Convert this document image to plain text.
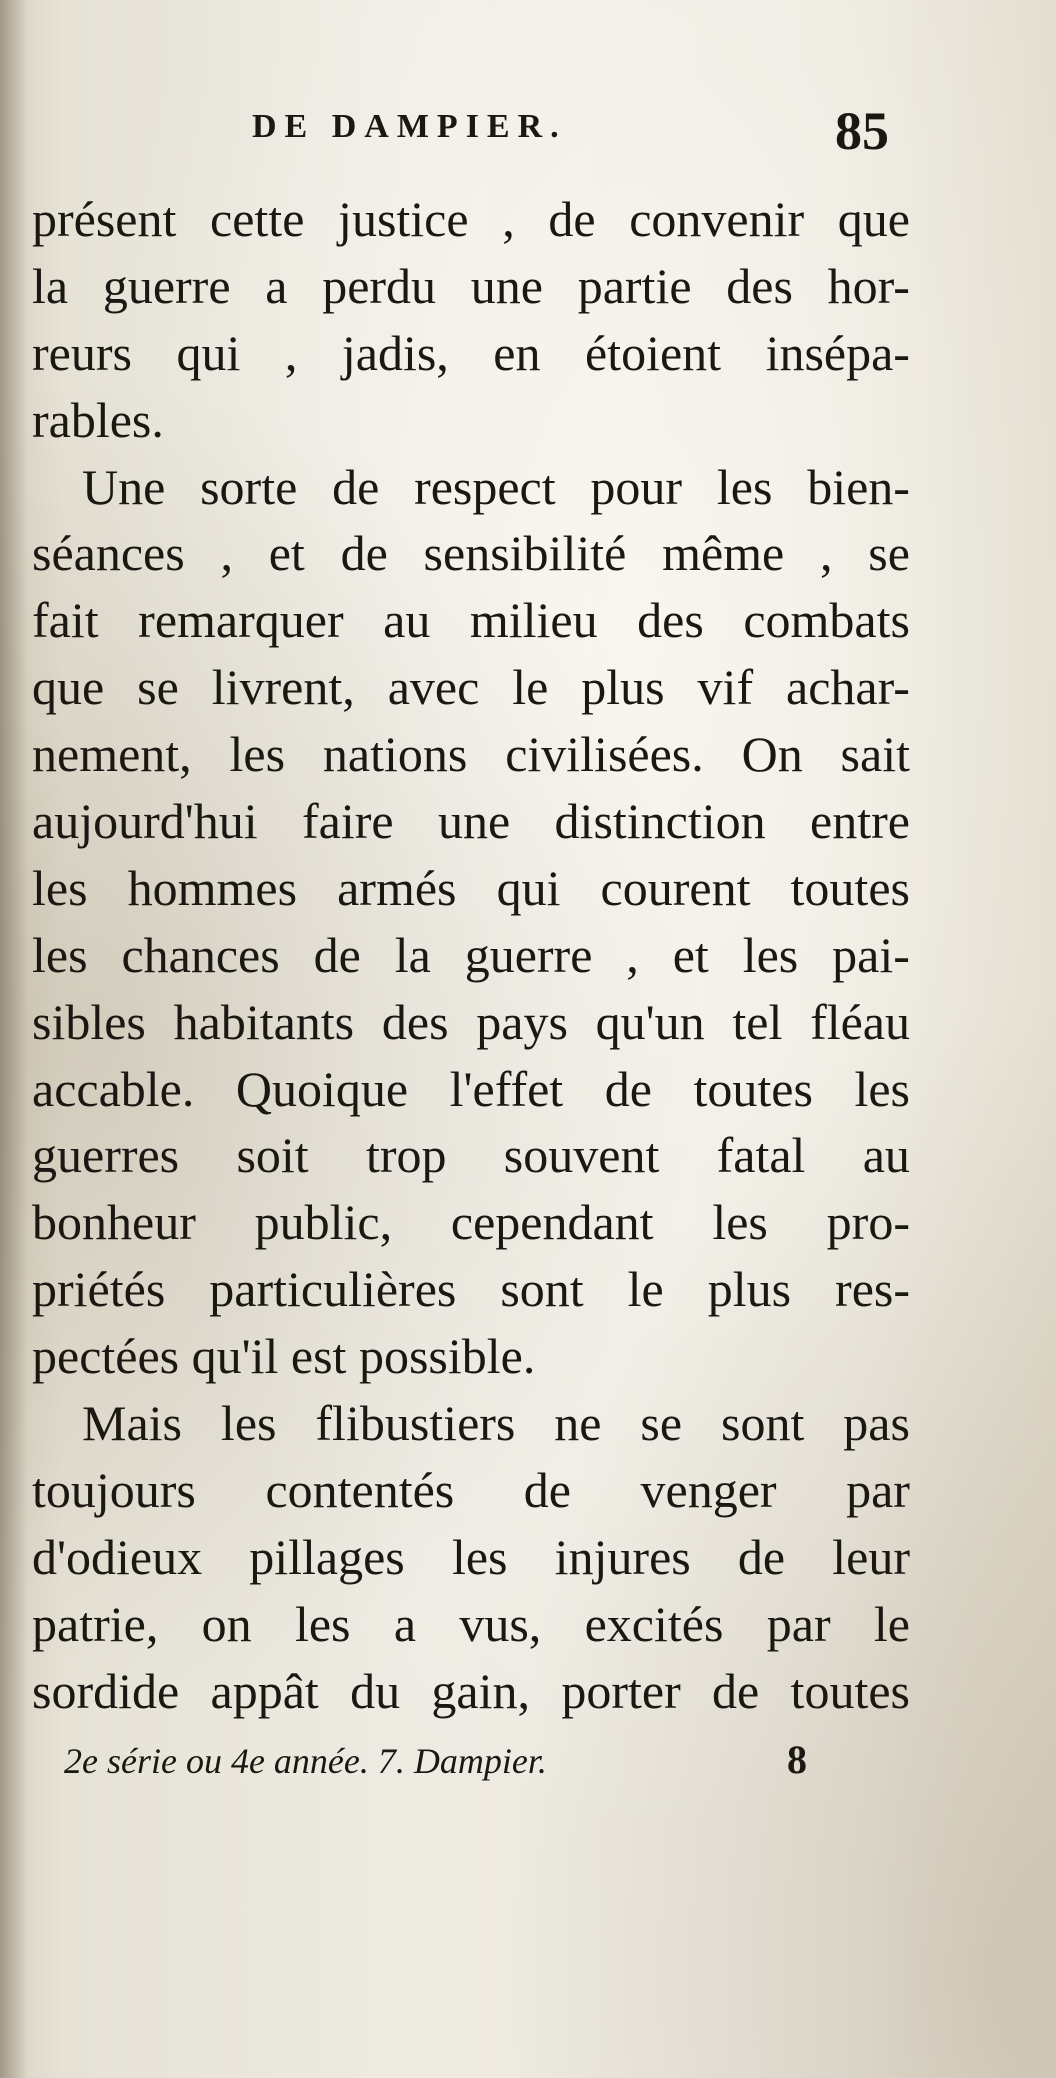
DE DAMPIER.	85
présent cette justice , de convenir que
la guerre a perdu une partie des hor-
reurs qui , jadis, en étoient insépa-
rables.
Une sorte de respect pour les bien-
séances , et de sensibilité même , se
fait remarquer au milieu des combats
que se livrent, avec le plus vif achar-
nement, les nations civilisées. On sait
aujourd'hui faire une distinction entre
les hommes armés qui courent toutes
les chances de la guerre , et les pai-
sibles habitants des pays qu'un tel fléau
accable. Quoique l'effet de toutes les
guerres soit trop souvent fatal au
bonheur public, cependant les pro-
priétés particulières sont le plus res-
pectées qu'il est possible.
Mais les flibustiers ne se sont pas
toujours contentés de venger par
d'odieux pillages les injures de leur
patrie, on les a vus, excités par le
sordide appât du gain, porter de toutes
2e série ou 4e année. 7. Dampier.	8
